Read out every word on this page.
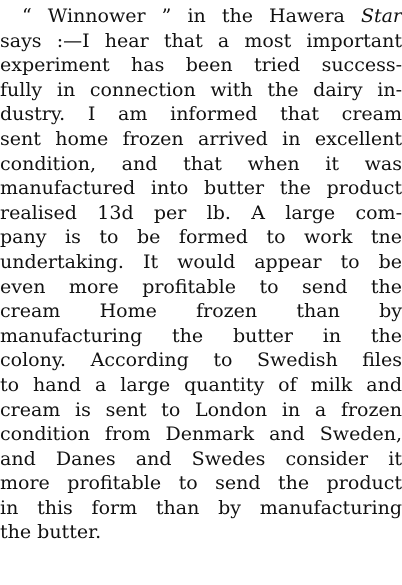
“ Winnower ” in the Hawera Star
says :—I hear that a most important
experiment has been tried success-
fully in connection with the dairy in-
dustry. I am informed that cream
sent home frozen arrived in excellent
condition, and that when it was
manufactured into butter the product
realised 13d per lb. A large com-
pany is to be formed to work tne
undertaking. It would appear to be
even more profitable to send the
cream Home frozen than by
manufacturing the butter in the
colony. According to Swedish files
to hand a large quantity of milk and
cream is sent to London in a frozen
condition from Denmark and Sweden,
and Danes and Swedes consider it
more profitable to send the product
in this form than by manufacturing
the butter.
